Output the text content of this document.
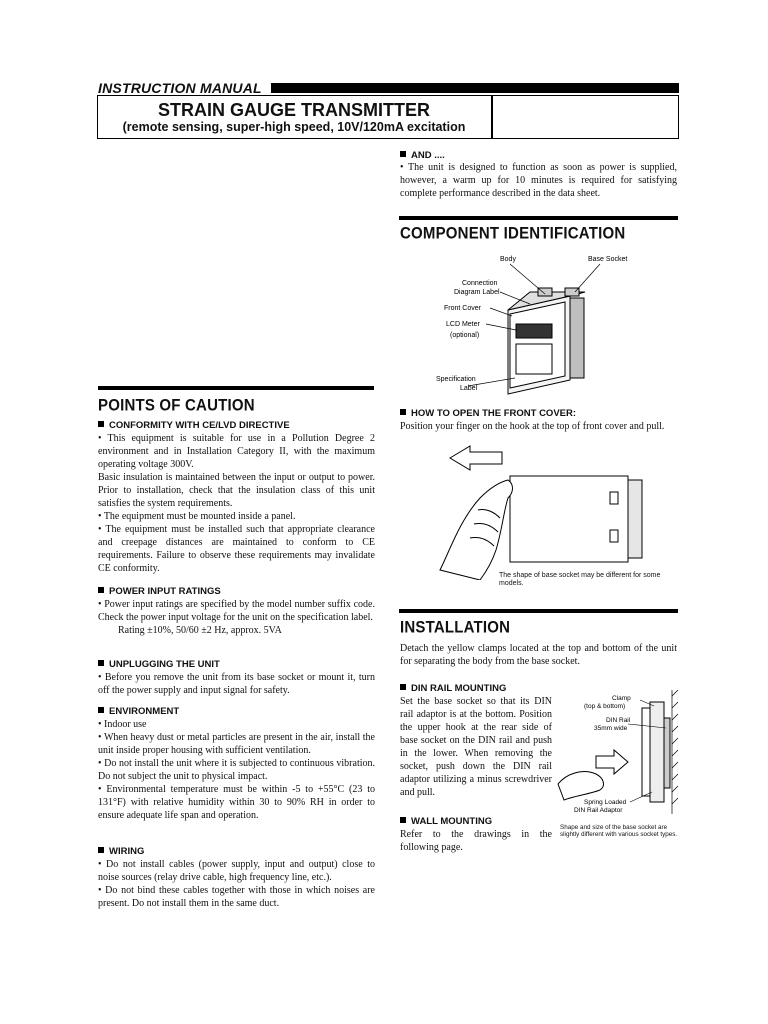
INSTRUCTION MANUAL
STRAIN GAUGE TRANSMITTER
(remote sensing, super-high speed, 10V/120mA excitation
AND ....
• The unit is designed to function as soon as power is supplied, however, a warm up for 10 minutes is required for satisfying complete performance described in the data sheet.
COMPONENT IDENTIFICATION
Body	Base Socket
Connection
Diagram Label
Front Cover
LCD Meter
(optional)
Specification
Label
POINTS OF CAUTION
CONFORMITY WITH CE/LVD DIRECTIVE

• This equipment is suitable for use in a Pollution Degree 2 environment and in Installation Category II, with the maximum operating voltage 300V.

Basic insulation is maintained between the input or output to power. Prior to installation, check that the insulation class of this unit satisfies the system requirements.

• The equipment must be mounted inside a panel.

• The equipment must be installed such that appropriate clearance and creepage distances are maintained to conform to CE requirements. Failure to observe these requirements may invalidate CE conformity.

POWER INPUT RATINGS

• Power input ratings are specified by the model number suffix code. Check the power input voltage for the unit on the specification label.

Rating ±10%, 50/60 ±2 Hz, approx. 5VA

UNPLUGGING THE UNIT

• Before you remove the unit from its base socket or mount it, turn off the power supply and input signal for safety.

ENVIRONMENT

• Indoor use

• When heavy dust or metal particles are present in the air, install the unit inside proper housing with sufficient ventilation.

• Do not install the unit where it is subjected to continuous vibration. Do not subject the unit to physical impact.

• Environmental temperature must be within -5 to +55°C (23 to 131°F) with relative humidity within 30 to 90% RH in order to ensure adequate life span and operation.

WIRING

• Do not install cables (power supply, input and output) close to noise sources (relay drive cable, high frequency line, etc.).

• Do not bind these cables together with those in which noises are present. Do not install them in the same duct.

HOW TO OPEN THE FRONT COVER:
Position your finger on the hook at the top of front cover and pull.
The shape of base socket may be different for some models.
INSTALLATION
Detach the yellow clamps located at the top and bottom of the unit for separating the body from the base socket.
DIN RAIL MOUNTING
Set the base socket so that its DIN rail adaptor is at the bottom. Position the upper hook at the rear side of base socket on the DIN rail and push in the lower. When removing the socket, push down the DIN rail adaptor utilizing a minus screwdriver and pull.
WALL MOUNTING
Refer to the drawings in the following page.
Clamp
(top & bottom)
DIN Rail
35mm wide
Spring Loaded
DIN Rail Adaptor
Shape and size of the base socket are slightly different with various socket types.
